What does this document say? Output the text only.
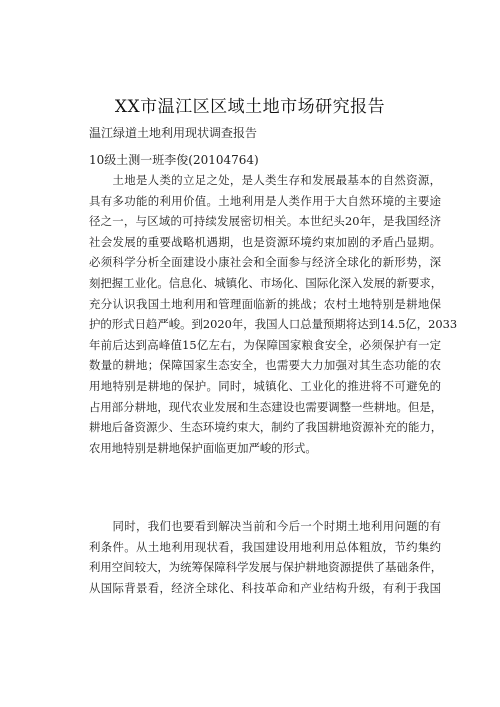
XX市温江区区域土地市场研究报告
温江绿道土地利用现状调查报告
10级土测一班李俊(20104764)
　　土地是人类的立足之处，是人类生存和发展最基本的自然资源，
具有多功能的利用价值。土地利用是人类作用于大自然环境的主要途
径之一，与区域的可持续发展密切相关。本世纪头20年，是我国经济
社会发展的重要战略机遇期，也是资源环境约束加剧的矛盾凸显期。
必须科学分析全面建设小康社会和全面参与经济全球化的新形势，深
刻把握工业化。信息化、城镇化、市场化、国际化深入发展的新要求，
充分认识我国土地利用和管理面临新的挑战；农村土地特别是耕地保
护的形式日趋严峻。到2020年，我国人口总量预期将达到14.5亿，2033
年前后达到高峰值15亿左右，为保障国家粮食安全，必须保护有一定
数量的耕地；保障国家生态安全，也需要大力加强对其生态功能的农
用地特别是耕地的保护。同时，城镇化、工业化的推进将不可避免的
占用部分耕地，现代农业发展和生态建设也需要调整一些耕地。但是，
耕地后备资源少、生态环境约束大，制约了我国耕地资源补充的能力，
农用地特别是耕地保护面临更加严峻的形式。
　　同时，我们也要看到解决当前和今后一个时期土地利用问题的有
利条件。从土地利用现状看，我国建设用地利用总体粗放，节约集约
利用空间较大，为统筹保障科学发展与保护耕地资源提供了基础条件，
从国际背景看，经济全球化、科技革命和产业结构升级，有利于我国
